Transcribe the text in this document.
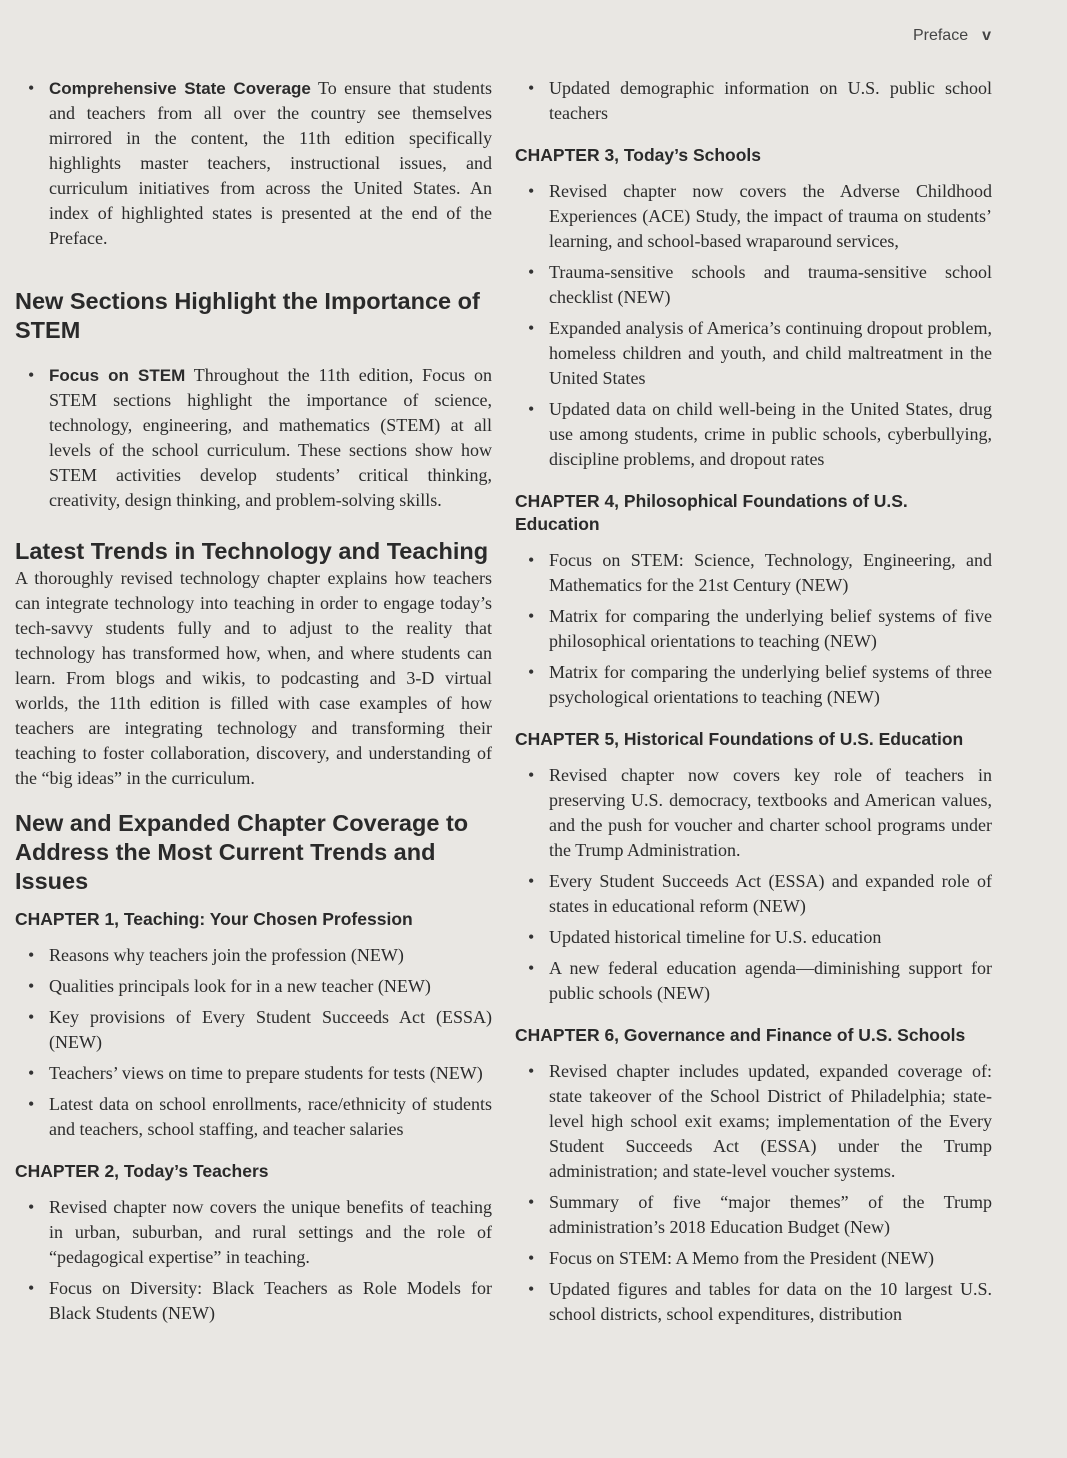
Preface v
• Comprehensive State Coverage To ensure that students and teachers from all over the country see themselves mirrored in the content, the 11th edition specifically highlights master teachers, instructional issues, and curriculum initiatives from across the United States. An index of highlighted states is presented at the end of the Preface.
New Sections Highlight the Importance of STEM
• Focus on STEM Throughout the 11th edition, Focus on STEM sections highlight the importance of science, technology, engineering, and mathematics (STEM) at all levels of the school curriculum. These sections show how STEM activities develop students’ critical thinking, creativity, design thinking, and problem-solving skills.
Latest Trends in Technology and Teaching

A thoroughly revised technology chapter explains how teachers can integrate technology into teaching in order to engage today’s tech-savvy students fully and to adjust to the reality that technology has transformed how, when, and where students can learn. From blogs and wikis, to podcasting and 3-D virtual worlds, the 11th edition is filled with case examples of how teachers are integrating technology and transforming their teaching to foster collaboration, discovery, and understanding of the “big ideas” in the curriculum.

New and Expanded Chapter Coverage to Address the Most Current Trends and Issues
CHAPTER 1, Teaching: Your Chosen Profession
• Reasons why teachers join the profession (NEW)
• Qualities principals look for in a new teacher (NEW)
• Key provisions of Every Student Succeeds Act (ESSA) (NEW)
• Teachers’ views on time to prepare students for tests (NEW)
• Latest data on school enrollments, race/ethnicity of students and teachers, school staffing, and teacher salaries
CHAPTER 2, Today’s Teachers
• Revised chapter now covers the unique benefits of teaching in urban, suburban, and rural settings and the role of “pedagogical expertise” in teaching.
• Focus on Diversity: Black Teachers as Role Models for Black Students (NEW)
• Updated demographic information on U.S. public school teachers
CHAPTER 3, Today’s Schools
• Revised chapter now covers the Adverse Childhood Experiences (ACE) Study, the impact of trauma on students’ learning, and school-based wraparound services,
• Trauma-sensitive schools and trauma-sensitive school checklist (NEW)
• Expanded analysis of America’s continuing dropout problem, homeless children and youth, and child maltreatment in the United States
• Updated data on child well-being in the United States, drug use among students, crime in public schools, cyberbullying, discipline problems, and dropout rates
CHAPTER 4, Philosophical Foundations of U.S. Education
• Focus on STEM: Science, Technology, Engineering, and Mathematics for the 21st Century (NEW)
• Matrix for comparing the underlying belief systems of five philosophical orientations to teaching (NEW)
• Matrix for comparing the underlying belief systems of three psychological orientations to teaching (NEW)
CHAPTER 5, Historical Foundations of U.S. Education
• Revised chapter now covers key role of teachers in preserving U.S. democracy, textbooks and American values, and the push for voucher and charter school programs under the Trump Administration.
• Every Student Succeeds Act (ESSA) and expanded role of states in educational reform (NEW)
• Updated historical timeline for U.S. education
• A new federal education agenda—diminishing support for public schools (NEW)
CHAPTER 6, Governance and Finance of U.S. Schools
• Revised chapter includes updated, expanded coverage of: state takeover of the School District of Philadelphia; state-level high school exit exams; implementation of the Every Student Succeeds Act (ESSA) under the Trump administration; and state-level voucher systems.
• Summary of five “major themes” of the Trump administration’s 2018 Education Budget (New)
• Focus on STEM: A Memo from the President (NEW)
• Updated figures and tables for data on the 10 largest U.S. school districts, school expenditures, distribution
